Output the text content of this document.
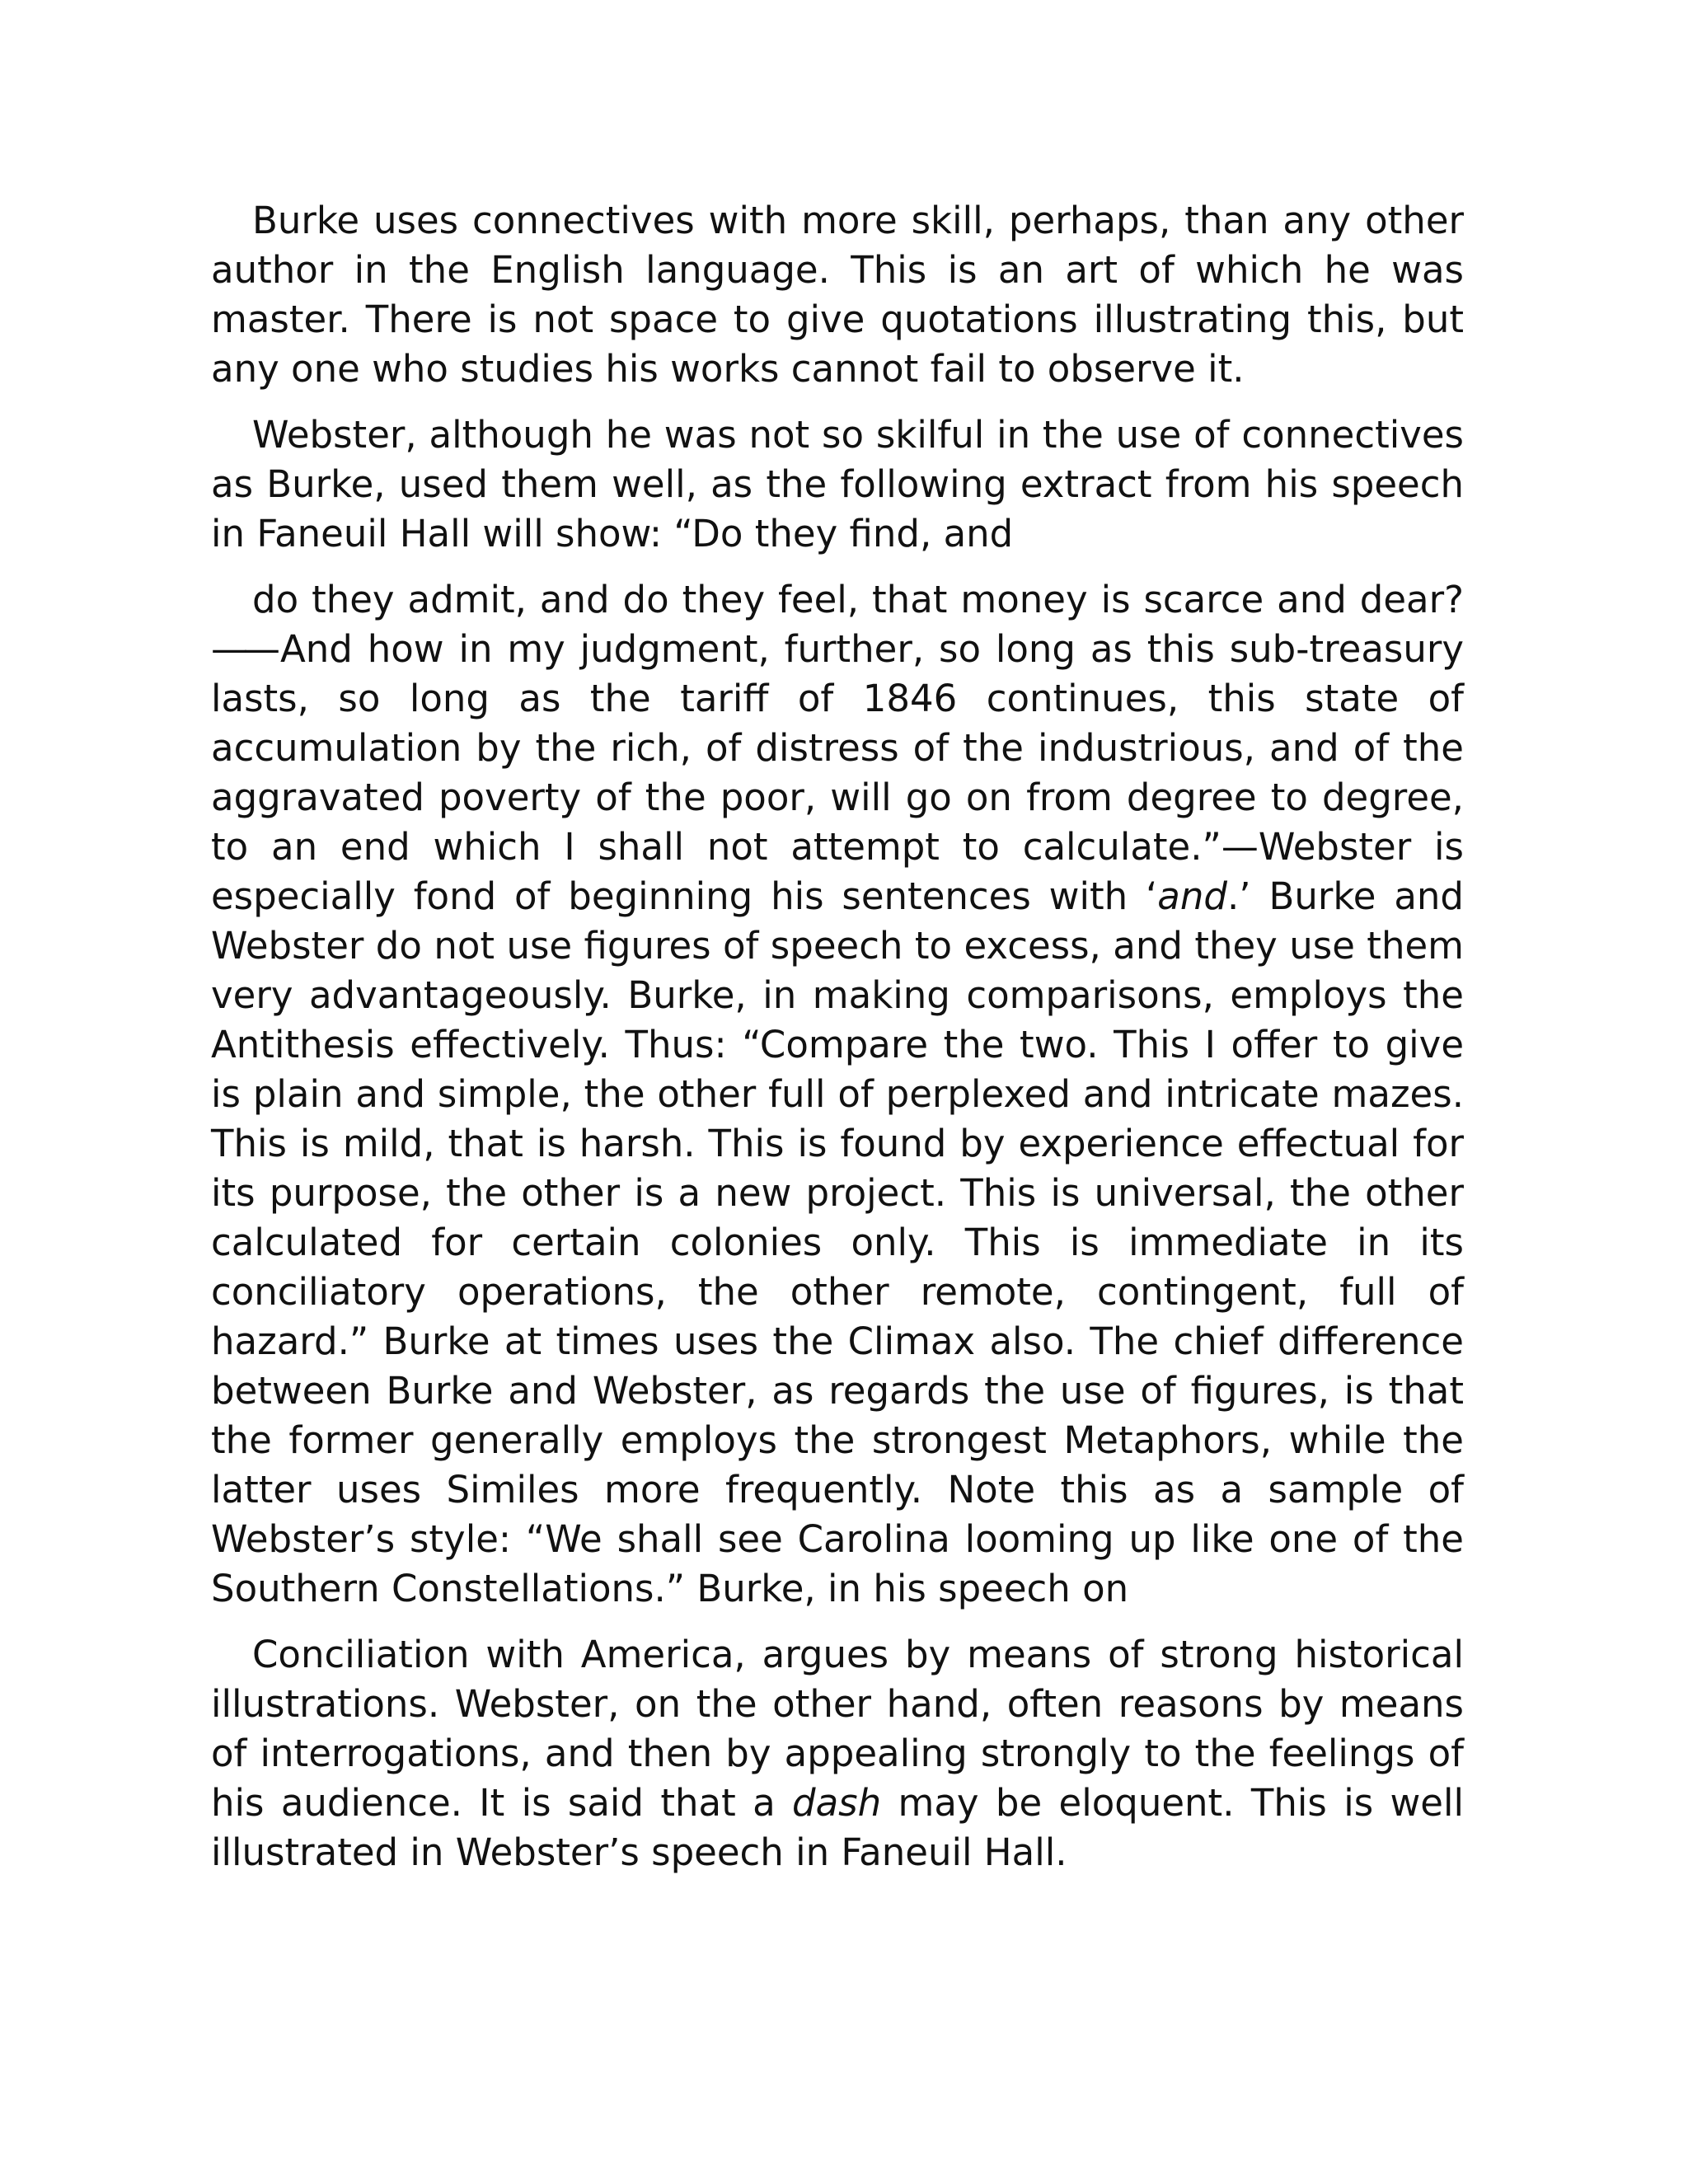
Burke uses connectives with more skill, perhaps, than any other author in the English language. This is an art of which he was master. There is not space to give quotations illustrating this, but any one who studies his works cannot fail to observe it.

Webster, although he was not so skilful in the use of connectives as Burke, used them well, as the following extract from his speech in Faneuil Hall will show: “Do they find, and

do they admit, and do they feel, that money is scarce and dear?—— And how in my judgment, further, so long as this sub-treasury lasts, so long as the tariff of 1846 continues, this state of accumulation by the rich, of distress of the industrious, and of the aggravated poverty of the poor, will go on from degree to degree, to an end which I shall not attempt to calculate.”—Webster is especially fond of beginning his sentences with ‘and.’ Burke and Webster do not use figures of speech to excess, and they use them very advantageously. Burke, in making comparisons, employs the Antithesis effectively. Thus: “Compare the two. This I offer to give is plain and simple, the other full of perplexed and intricate mazes. This is mild, that is harsh. This is found by experience effectual for its purpose, the other is a new project. This is universal, the other calculated for certain colonies only. This is immediate in its conciliatory operations, the other remote, contingent, full of hazard.” Burke at times uses the Climax also. The chief difference between Burke and Webster, as regards the use of figures, is that the former generally employs the strongest Metaphors, while the latter uses Similes more frequently. Note this as a sample of Webster’s style: “We shall see Carolina looming up like one of the Southern Constellations.” Burke, in his speech on

Conciliation with America, argues by means of strong historical illustrations. Webster, on the other hand, often reasons by means of interrogations, and then by appealing strongly to the feelings of his audience. It is said that a dash may be eloquent. This is well illustrated in Webster’s speech in Faneuil Hall.
